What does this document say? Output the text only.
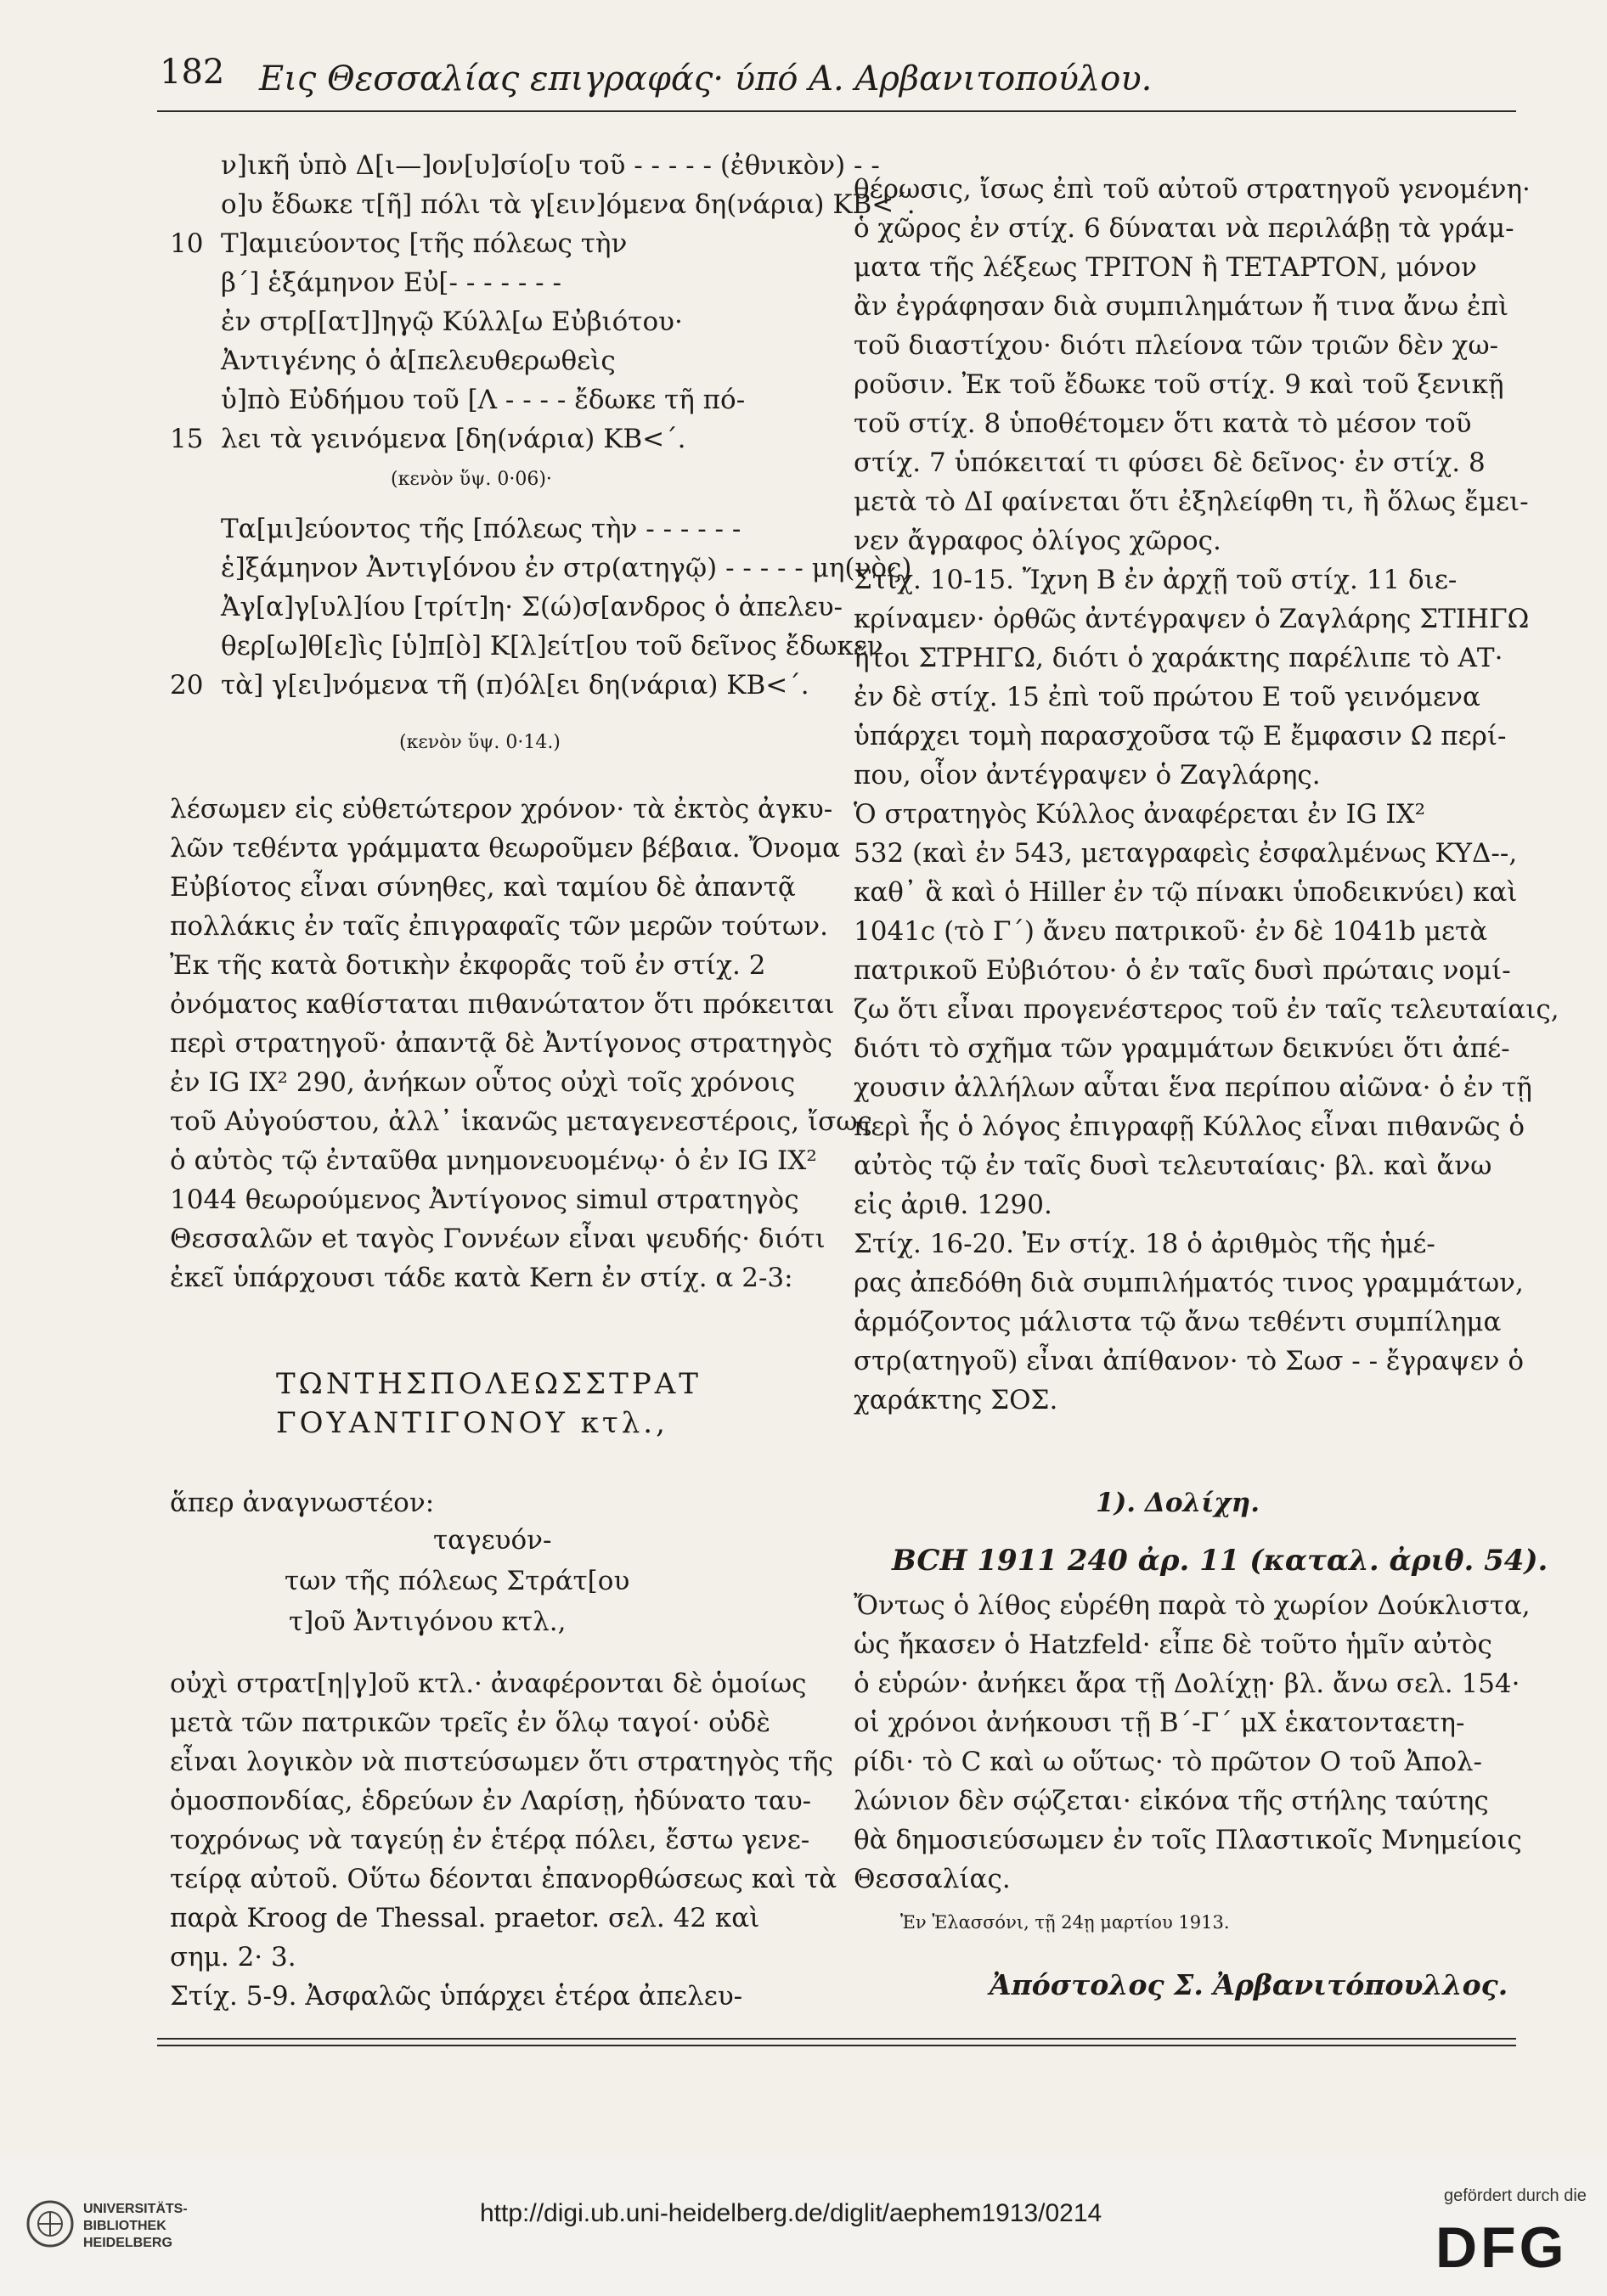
182 Εις Θεσσαλίας επιγραφάς· ύπό Α. Αρβανιτοπούλου.
ν]ικῆ ὑπὸ Δ[ι—]ον[υ]σίο[υ τοῦ - - - - - (ἐθνικὸν) - -
ο]υ ἔδωκε τ[ῆ] πόλι τὰ γ[ειν]όμενα δη(νάρια) ΚΒ<΄.
10 Τ]αμιεύοντος [τῆς πόλεως τὴν
β΄] ἑξάμηνον Εὐ[- - - - - - -
ἐν στρ[[ατ]]ηγῷ Κύλλ[ω Εὐβιότου·
Ἀντιγένης ὁ ἀ[πελευθερωθεὶς
ὑ]πὸ Εὐδήμου τοῦ [Λ - - - - ἔδωκε τῆ πό-
15 λει τὰ γεινόμενα [δη(νάρια) ΚΒ<΄.
(κενὸν ὕψ. 0·06)·
Τα[μι]εύοντος τῆς [πόλεως τὴν - - - - - -
ἑ]ξάμηνον Ἀντιγ[όνου ἐν στρ(ατηγῷ) - - - - - μη(νὸς)
Ἀγ[α]γ[υλ]ίου [τρίτ]η· Σ(ώ)σ[ανδρος ὁ ἀπελευ-
θερ[ω]θ[ε]ὶς [ὑ]π[ὸ] Κ[λ]είτ[ου τοῦ δεῖνος ἔδωκεν
20 τὰ] γ[ει]νόμενα τῆ (π)όλ[ει δη(νάρια) ΚΒ<΄.
(κενὸν ὕψ. 0·14.)
λέσωμεν εἰς εὐθετώτερον χρόνον· τὰ ἐκτὸς ἀγκυ-
λῶν τεθέντα γράμματα θεωροῦμεν βέβαια. Ὄνομα
Εὐβίοτος εἶναι σύνηθες, καὶ ταμίου δὲ ἀπαντᾷ
πολλάκις ἐν ταῖς ἐπιγραφαῖς τῶν μερῶν τούτων.
Ἐκ τῆς κατὰ δοτικὴν ἐκφορᾶς τοῦ ἐν στίχ. 2
ὀνόματος καθίσταται πιθανώτατον ὅτι πρόκειται
περὶ στρατηγοῦ· ἀπαντᾷ δὲ Ἀντίγονος στρατηγὸς
ἐν IG IX² 290, ἀνήκων οὗτος οὐχὶ τοῖς χρόνοις
τοῦ Αὐγούστου, ἀλλ᾽ ἱκανῶς μεταγενεστέροις, ἴσως
ὁ αὐτὸς τῷ ἐνταῦθα μνημονευομένῳ· ὁ ἐν IG IX²
1044 θεωρούμενος Ἀντίγονος simul στρατηγὸς
Θεσσαλῶν et ταγὸς Γοννέων εἶναι ψευδής· διότι
ἐκεῖ ὑπάρχουσι τάδε κατὰ Kern ἐν στίχ. α 2-3:
ΤΩΝΤΗΣΠΟΛΕΩΣΣΤΡΑΤ
ΓΟΥΑΝΤΙΓΟΝΟΥ κτλ.,
ἅπερ ἀναγνωστέον:
ταγευόν-
των τῆς πόλεως Στράτ[ου
τ]οῦ Ἀντιγόνου κτλ.,
οὐχὶ στρατ[η|γ]οῦ κτλ.· ἀναφέρονται δὲ ὁμοίως
μετὰ τῶν πατρικῶν τρεῖς ἐν ὅλῳ ταγοί· οὐδὲ
εἶναι λογικὸν νὰ πιστεύσωμεν ὅτι στρατηγὸς τῆς
ὁμοσπονδίας, ἑδρεύων ἐν Λαρίσῃ, ἠδύνατο ταυ-
τοχρόνως νὰ ταγεύῃ ἐν ἑτέρᾳ πόλει, ἔστω γενε-
τείρᾳ αὐτοῦ. Οὕτω δέονται ἐπανορθώσεως καὶ τὰ
παρὰ Kroog de Thessal. praetor. σελ. 42 καὶ
σημ. 2· 3.
Στίχ. 5-9. Ἀσφαλῶς ὑπάρχει ἑτέρα ἀπελευ-
θέρωσις, ἴσως ἐπὶ τοῦ αὐτοῦ στρατηγοῦ γενομένη·
ὁ χῶρος ἐν στίχ. 6 δύναται νὰ περιλάβῃ τὰ γράμ-
ματα τῆς λέξεως ΤΡΙΤΟΝ ἢ ΤΕΤΑΡΤΟΝ, μόνον
ἂν ἐγράφησαν διὰ συμπιλημάτων ἤ τινα ἄνω ἐπὶ
τοῦ διαστίχου· διότι πλείονα τῶν τριῶν δὲν χω-
ροῦσιν. Ἐκ τοῦ ἔδωκε τοῦ στίχ. 9 καὶ τοῦ ξενικῇ
τοῦ στίχ. 8 ὑποθέτομεν ὅτι κατὰ τὸ μέσον τοῦ
στίχ. 7 ὑπόκειταί τι φύσει δὲ δεῖνος· ἐν στίχ. 8
μετὰ τὸ ΔΙ φαίνεται ὅτι ἐξηλείφθη τι, ἢ ὅλως ἔμει-
νεν ἄγραφος ὀλίγος χῶρος.
Στίχ. 10-15. Ἴχνη Β ἐν ἀρχῇ τοῦ στίχ. 11 διε-
κρίναμεν· ὀρθῶς ἀντέγραψεν ὁ Ζαγλάρης ΣΤΙΗΓΩ
ἤτοι ΣΤΡΗΓΩ, διότι ὁ χαράκτης παρέλιπε τὸ ΑΤ·
ἐν δὲ στίχ. 15 ἐπὶ τοῦ πρώτου Ε τοῦ γεινόμενα
ὑπάρχει τομὴ παρασχοῦσα τῷ Ε ἔμφασιν Ω περί-
που, οἷον ἀντέγραψεν ὁ Ζαγλάρης.
Ὁ στρατηγὸς Κύλλος ἀναφέρεται ἐν IG IX²
532 (καὶ ἐν 543, μεταγραφεὶς ἐσφαλμένως ΚΥΔ--,
καθ᾽ ἃ καὶ ὁ Hiller ἐν τῷ πίνακι ὑποδεικνύει) καὶ
1041c (τὸ Γ΄) ἄνευ πατρικοῦ· ἐν δὲ 1041b μετὰ
πατρικοῦ Εὐβιότου· ὁ ἐν ταῖς δυσὶ πρώταις νομί-
ζω ὅτι εἶναι προγενέστερος τοῦ ἐν ταῖς τελευταίαις,
διότι τὸ σχῆμα τῶν γραμμάτων δεικνύει ὅτι ἀπέ-
χουσιν ἀλλήλων αὗται ἕνα περίπου αἰῶνα· ὁ ἐν τῇ
περὶ ἧς ὁ λόγος ἐπιγραφῇ Κύλλος εἶναι πιθανῶς ὁ
αὐτὸς τῷ ἐν ταῖς δυσὶ τελευταίαις· βλ. καὶ ἄνω
εἰς ἀριθ. 1290.
Στίχ. 16-20. Ἐν στίχ. 18 ὁ ἀριθμὸς τῆς ἡμέ-
ρας ἀπεδόθη διὰ συμπιλήματός τινος γραμμάτων,
ἁρμόζοντος μάλιστα τῷ ἄνω τεθέντι συμπίλημα
στρ(ατηγοῦ) εἶναι ἀπίθανον· τὸ Σωσ - - ἔγραψεν ὁ
χαράκτης ΣΟΣ.
1). Δολίχη.
BCH 1911 240 ἀρ. 11 (καταλ. ἀριθ. 54).
Ὄντως ὁ λίθος εὑρέθη παρὰ τὸ χωρίον Δούκλιστα,
ὡς ἤκασεν ὁ Hatzfeld· εἶπε δὲ τοῦτο ἡμῖν αὐτὸς
ὁ εὑρών· ἀνήκει ἄρα τῇ Δολίχῃ· βλ. ἄνω σελ. 154·
οἱ χρόνοι ἀνήκουσι τῇ Β΄-Γ΄ μΧ ἑκατονταετη-
ρίδι· τὸ C καὶ ω οὕτως· τὸ πρῶτον Ο τοῦ Ἀπολ-
λώνιον δὲν σῴζεται· εἰκόνα τῆς στήλης ταύτης
θὰ δημοσιεύσωμεν ἐν τοῖς Πλαστικοῖς Μνημείοις
Θεσσαλίας.
Ἐν Ἐλασσόνι, τῇ 24ῃ μαρτίου 1913.
Ἀπόστολος Σ. Ἀρβανιτόπουλλος.
UNIVERSITÄTS-
BIBLIOTHEK
HEIDELBERG
http://digi.ub.uni-heidelberg.de/diglit/aephem1913/0214
gefördert durch die
DFG
